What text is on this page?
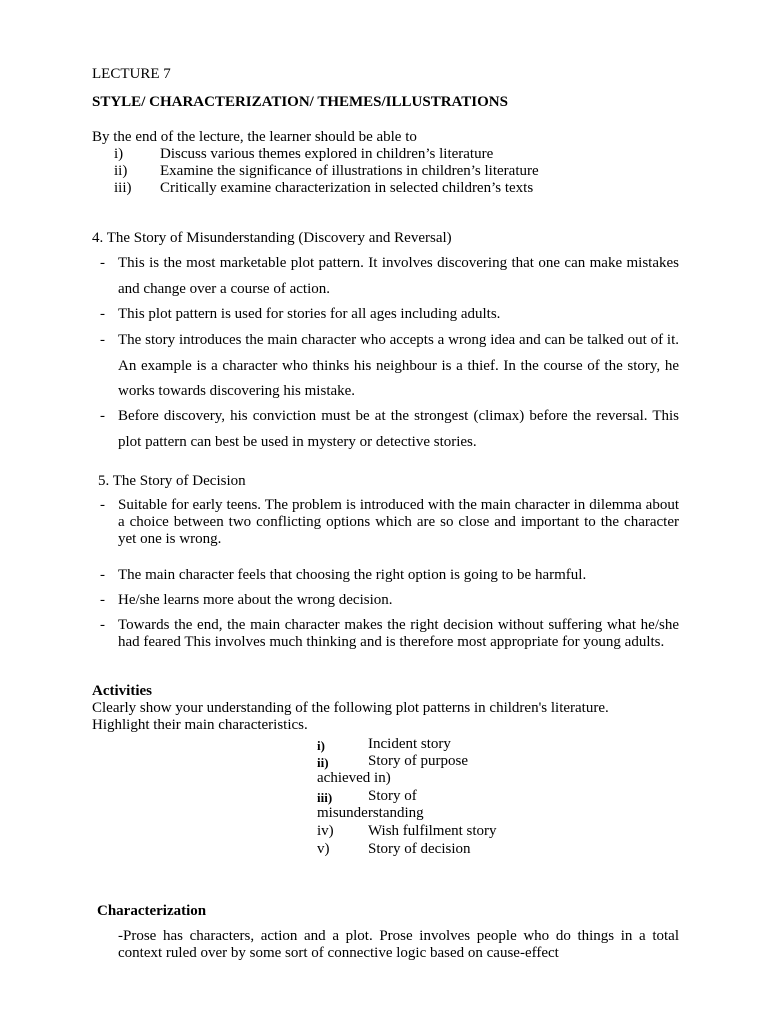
LECTURE 7
STYLE/ CHARACTERIZATION/ THEMES/ILLUSTRATIONS
By the end of the lecture, the learner should be able to
i) Discuss various themes explored in children’s literature
ii) Examine the significance of illustrations in children’s literature
iii) Critically examine characterization in selected children’s texts
4. The Story of Misunderstanding (Discovery and Reversal)
- This is the most marketable plot pattern. It involves discovering that one can make mistakes and change over a course of action.
- This plot pattern is used for stories for all ages including adults.
- The story introduces the main character who accepts a wrong idea and can be talked out of it. An example is a character who thinks his neighbour is a thief. In the course of the story, he works towards discovering his mistake.
- Before discovery, his conviction must be at the strongest (climax) before the reversal. This plot pattern can best be used in mystery or detective stories.
5. The Story of Decision
- Suitable for early teens. The problem is introduced with the main character in dilemma about a choice between two conflicting options which are so close and important to the character yet one is wrong.
- The main character feels that choosing the right option is going to be harmful.
- He/she learns more about the wrong decision.
- Towards the end, the main character makes the right decision without suffering what he/she had feared This involves much thinking and is therefore most appropriate for young adults.
Activities
Clearly show your understanding of the following plot patterns in children's literature.
Highlight their main characteristics.
i)	Incident story
ii)	Story of purpose
achieved in)
iii) Story of
misunderstanding
iv) Wish fulfilment story
v)	Story of decision
Characterization
-Prose has characters, action and a plot. Prose involves people who do things in a total context ruled over by some sort of connective logic based on cause-effect
